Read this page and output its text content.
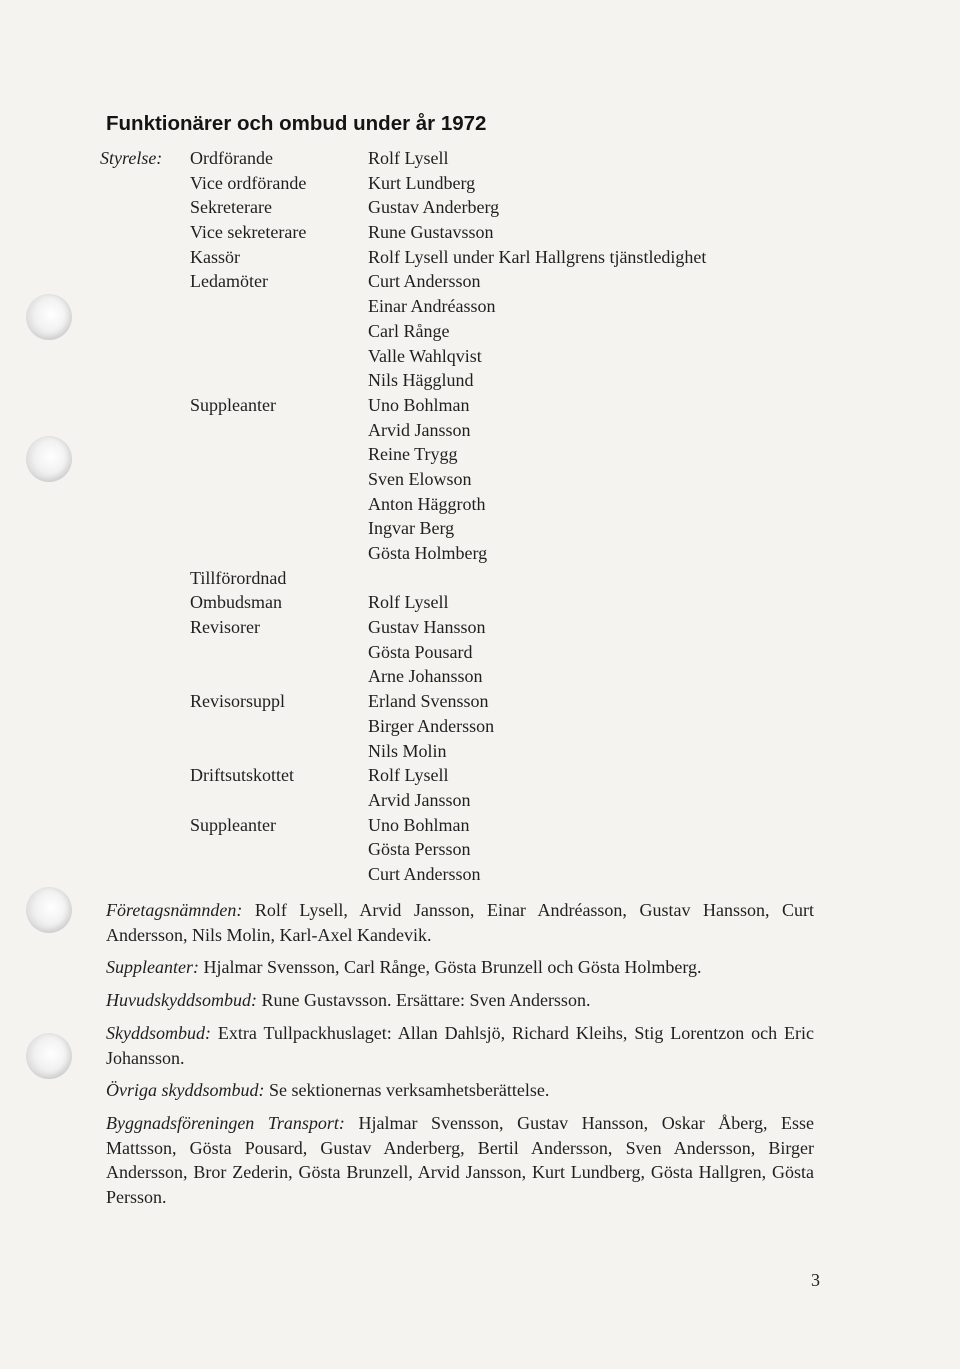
Funktionärer och ombud under år 1972
Styrelse:	Ordförande	Rolf Lysell
Vice ordförande	Kurt Lundberg
Sekreterare	Gustav Anderberg
Vice sekreterare	Rune Gustavsson
Kassör	Rolf Lysell under Karl Hallgrens tjänstledighet
Ledamöter	Curt Andersson
Einar Andréasson
Carl Rånge
Valle Wahlqvist
Nils Hägglund
Suppleanter	Uno Bohlman
Arvid Jansson
Reine Trygg
Sven Elowson
Anton Häggroth
Ingvar Berg
Gösta Holmberg
Tillförordnad
Ombudsman	Rolf Lysell
Revisorer	Gustav Hansson
Gösta Pousard
Arne Johansson
Revisorsuppl	Erland Svensson
Birger Andersson
Nils Molin
Driftsutskottet	Rolf Lysell
Arvid Jansson
Suppleanter	Uno Bohlman
Gösta Persson
Curt Andersson

Företagsnämnden: Rolf Lysell, Arvid Jansson, Einar Andréasson, Gustav Hansson, Curt Andersson, Nils Molin, Karl-Axel Kandevik.

Suppleanter: Hjalmar Svensson, Carl Rånge, Gösta Brunzell och Gösta Holmberg.

Huvudskyddsombud: Rune Gustavsson. Ersättare: Sven Andersson.

Skyddsombud: Extra Tullpackhuslaget: Allan Dahlsjö, Richard Kleihs, Stig Lorentzon och Eric Johansson.

Övriga skyddsombud: Se sektionernas verksamhetsberättelse.

Byggnadsföreningen Transport: Hjalmar Svensson, Gustav Hansson, Oskar Åberg, Esse Mattsson, Gösta Pousard, Gustav Anderberg, Bertil Andersson, Sven Andersson, Birger Andersson, Bror Zederin, Gösta Brunzell, Arvid Jansson, Kurt Lundberg, Gösta Hallgren, Gösta Persson.

3
